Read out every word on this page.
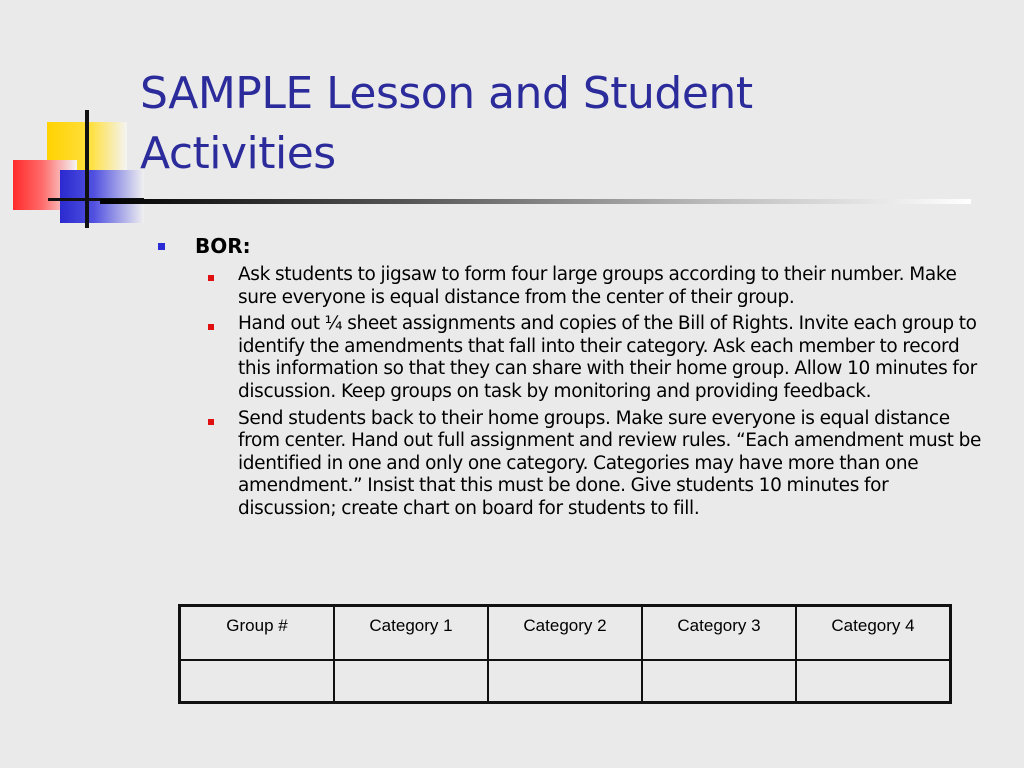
SAMPLE Lesson and Student
Activities
BOR:
Ask students to jigsaw to form four large groups according to their number. Make sure everyone is equal distance from the center of their group.
Hand out ¼ sheet assignments and copies of the Bill of Rights. Invite each group to identify the amendments that fall into their category. Ask each member to record this information so that they can share with their home group. Allow 10 minutes for discussion. Keep groups on task by monitoring and providing feedback.
Send students back to their home groups. Make sure everyone is equal distance from center. Hand out full assignment and review rules. “Each amendment must be identified in one and only one category. Categories may have more than one amendment.” Insist that this must be done. Give students 10 minutes for discussion; create chart on board for students to fill.
Group #	Category 1	Category 2	Category 3	Category 4
